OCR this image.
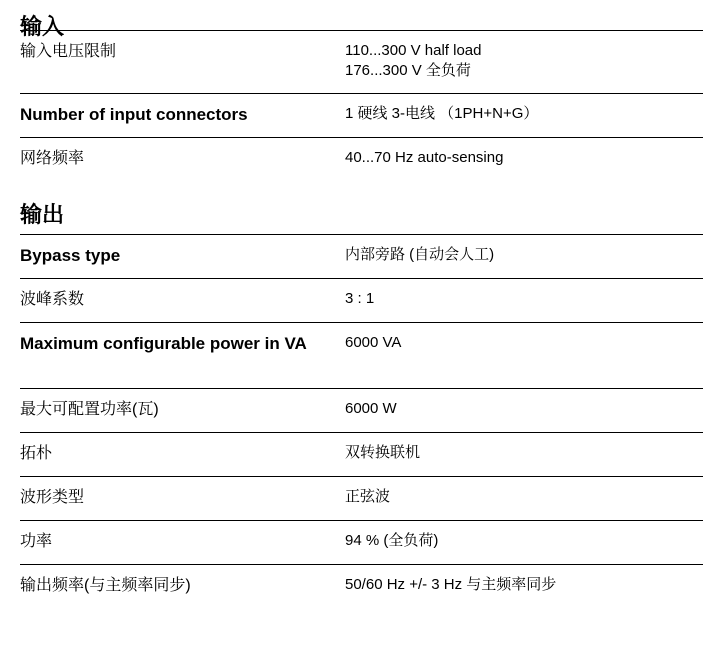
输入
输入电压限制	110...300 V half load
176...300 V 全负荷
Number of input connectors	1 硬线 3-电线 （1PH+N+G）
网络频率	40...70 Hz auto-sensing
输出
Bypass type	内部旁路 (自动会人工)
波峰系数	3 : 1
Maximum configurable power in VA	6000 VA
最大可配置功率(瓦)	6000 W
拓朴	双转换联机
波形类型	正弦波
功率	94 % (全负荷)
输出频率(与主频率同步)	50/60 Hz +/- 3 Hz 与主频率同步
